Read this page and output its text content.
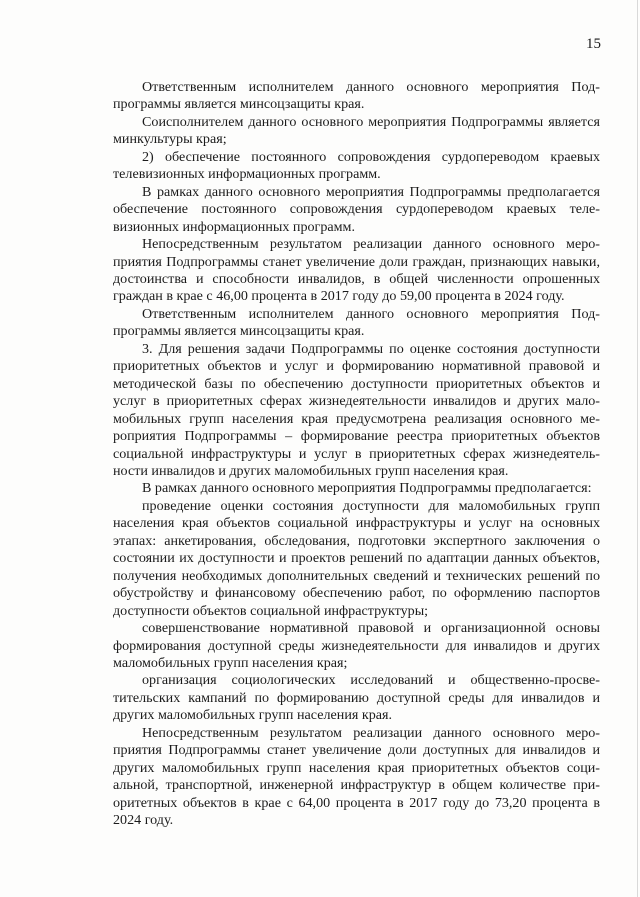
15

Ответственным исполнителем данного основного мероприятия Подпрограммы является минсоцзащиты края.

Соисполнителем данного основного мероприятия Подпрограммы является минкультуры края;

2) обеспечение постоянного сопровождения сурдопереводом краевых телевизионных информационных программ.

В рамках данного основного мероприятия Подпрограммы предполагается обеспечение постоянного сопровождения сурдопереводом краевых телевизионных информационных программ.

Непосредственным результатом реализации данного основного мероприятия Подпрограммы станет увеличение доли граждан, признающих навыки, достоинства и способности инвалидов, в общей численности опрошенных граждан в крае с 46,00 процента в 2017 году до 59,00 процента в 2024 году.

Ответственным исполнителем данного основного мероприятия Подпрограммы является минсоцзащиты края.

3. Для решения задачи Подпрограммы по оценке состояния доступности приоритетных объектов и услуг и формированию нормативной правовой и методической базы по обеспечению доступности приоритетных объектов и услуг в приоритетных сферах жизнедеятельности инвалидов и других маломобильных групп населения края предусмотрена реализация основного мероприятия Подпрограммы – формирование реестра приоритетных объектов социальной инфраструктуры и услуг в приоритетных сферах жизнедеятельности инвалидов и других маломобильных групп населения края.

В рамках данного основного мероприятия Подпрограммы предполагается:

проведение оценки состояния доступности для маломобильных групп населения края объектов социальной инфраструктуры и услуг на основных этапах: анкетирования, обследования, подготовки экспертного заключения о состоянии их доступности и проектов решений по адаптации данных объектов, получения необходимых дополнительных сведений и технических решений по обустройству и финансовому обеспечению работ, по оформлению паспортов доступности объектов социальной инфраструктуры;

совершенствование нормативной правовой и организационной основы формирования доступной среды жизнедеятельности для инвалидов и других маломобильных групп населения края;

организация социологических исследований и общественно-просветительских кампаний по формированию доступной среды для инвалидов и других маломобильных групп населения края.

Непосредственным результатом реализации данного основного мероприятия Подпрограммы станет увеличение доли доступных для инвалидов и других маломобильных групп населения края приоритетных объектов социальной, транспортной, инженерной инфраструктур в общем количестве приоритетных объектов в крае с 64,00 процента в 2017 году до 73,20 процента в 2024 году.
